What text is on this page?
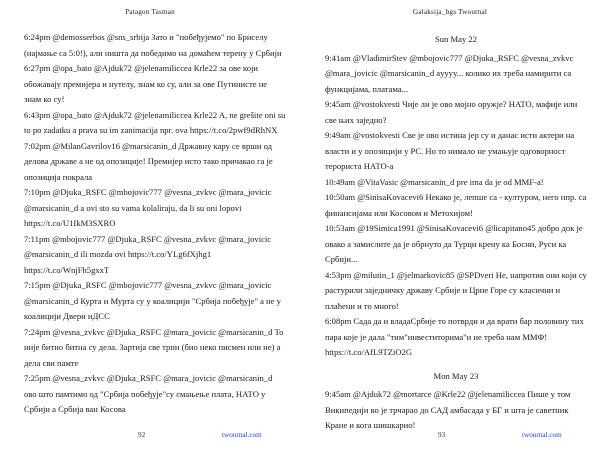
Patagon Tasman

6:24pm @demosserbos @sns_srbija Зато и "побеђујемо" по Бриселу (најмање са 5:0!), али ништа да победимо на домаћем терену у Србији

6:27pm @opa_bato @Ajduk72 @jelenamiliccea Кrle22 за ове који обожавају премијера и нутелу, знам ко су, али за ове Путинисте не знам ко су!

6:43pm @opa_bato @Ajduk72 @jelenamiliccea Кrle22 A, ne grešite oni su to po zadatku a prava su im zanimacija npr. ova https://t.co/2pwf9dRhNX

7:02pm @MilanGavrilov16 @marsicanin_d Државну кару се врши од делова државе а не од опозиције! Премијер исто тако причакао га је опозиција покрала

7:10pm @Djuka_RSFC @mbojovic777 @vesna_zvkvc @mara_jovicic @marsicanin_d a ovi sto su vama kolaliraju, da li su oni lopovi https://t.co/U1IkM3SXRO

7:11pm @mbojovic777 @Djuka_RSFC @vesna_zvkvc @mara_jovicic @marsicanin_d ili mozda ovi https://t.co/YLg6fXjhg1 https://t.co/WnjFh5gxxT

7:15pm @Djuka_RSFC @mbojovic777 @vesna_zvkvc @mara_jovicic @marsicanin_d Курта и Мурта су у коалицији "Србија побеђује" а не у коалицији Двери иДСС

7:24pm @vesna_zvkvc @Djuka_RSFC @mara_jovicic @marsicanin_d То није битно битна су дела. Зартија све трпи (био неко писмен или не) а дела сви памте

7:25pm @vesna_zvkvc @Djuka_RSFC @mara_jovicic @marsicanin_d ово што памтимо од "Србија побеђује"су смањење плата, НАТО у Србији а Србија ван Косова

92	twournal.com
Galaksija_bgs Twournal
93	twournal.com
Sun May 22

9:41am @VladimirStev @mbojovic777 @Djuka_RSFC @vesna_zvkvc @mara_jovicic @marsicanin_d ayyyy... колико их треба намирити са функцијама, платама...

9:45am @vostokvesti Чије ли је ово мојно оружје? НАТО, мафије или све њих заједно?

9:49am @vostokvesti Све је ово истина јер су и данас исти актери на власти и у опозицији у РС. Но то нимало не умањује одговорност терориста НАТО-а

10:49am @VitaVasic @marsicanin_d pre ima da je od MMF-a!

10:50am @SinisaKovacevi6 Некако је, лепше са - културом, него нпр. са финансијама или Косовом и Метохијом!

10:53am @19Simica1991 @SinisaKovacevi6 @licapitano45 добро док је овако а замислите да је обрнуто да Турци крену ка Босни, Руси ка Србији...

4:53pm @milutin_1 @jelmarkovic85 @SPDveri Не, напротив они који су растурили заједничку државу Србије и Црне Горе су класични и плаћени и то много!

6:08pm Сада да и владаСрбије то потврди и да врати бар половину тих пара које је дала "тим"инвеститорима"и не треба нам ММФ! https://t.co/AfL9TZiO2G

Mon May 23

9:45am @Ajduk72 @mortarce @Krle22 @jelenamiliccea Пише у том Википедији во је трчарао до САД амбасада у БГ и шта је саветник Кране и кога шишкарио!
